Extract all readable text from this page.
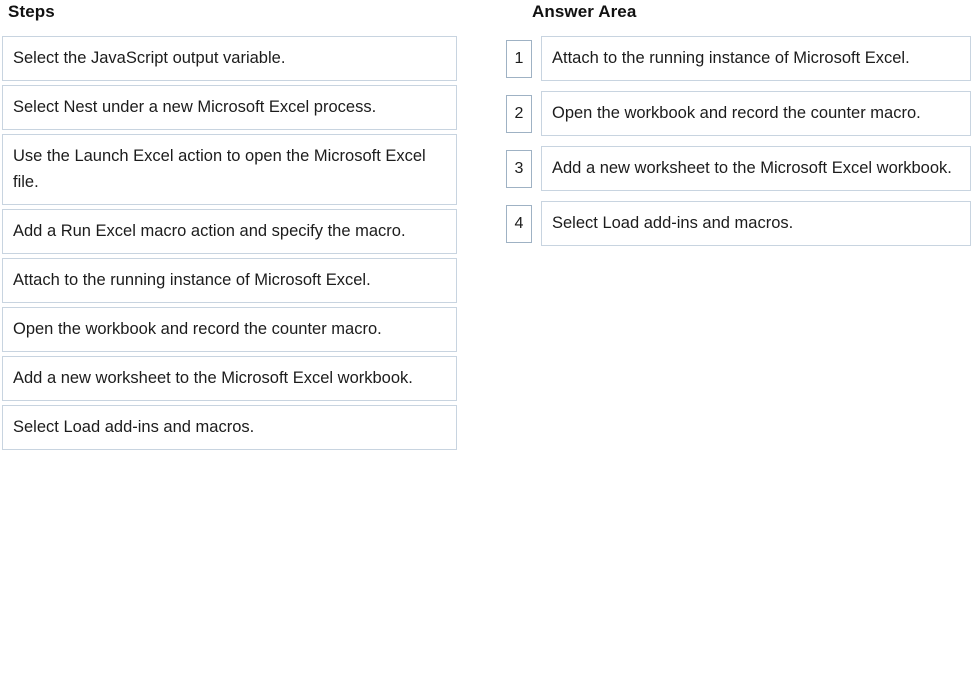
Steps
Select the JavaScript output variable.
Select Nest under a new Microsoft Excel process.
Use the Launch Excel action to open the Microsoft Excel file.
Add a Run Excel macro action and specify the macro.
Attach to the running instance of Microsoft Excel.
Open the workbook and record the counter macro.
Add a new worksheet to the Microsoft Excel workbook.
Select Load add-ins and macros.
Answer Area
1	Attach to the running instance of Microsoft Excel.
2	Open the workbook and record the counter macro.
3	Add a new worksheet to the Microsoft Excel workbook.
4	Select Load add-ins and macros.
